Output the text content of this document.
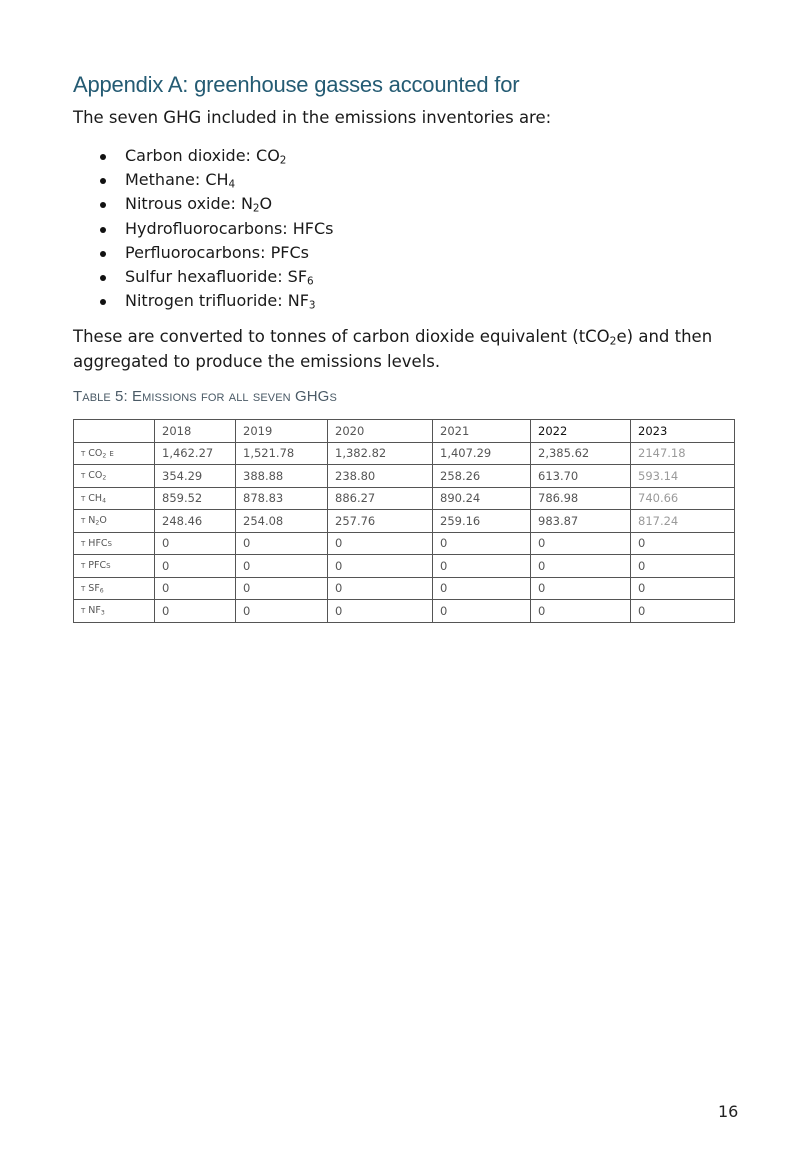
Appendix A: greenhouse gasses accounted for

The seven GHG included in the emissions inventories are:

Carbon dioxide: $CO_2$
Methane: $CH_4$
Nitrous oxide: $N_2O$
Hydrofluorocarbons: HFCs
Perfluorocarbons: PFCs
Sulfur hexafluoride: $SF_6$
Nitrogen trifluoride: $NF_3$

These are converted to tonnes of carbon dioxide equivalent (tCO$_2$e) and then aggregated to produce the emissions levels.

Table 5: Emissions for all seven GHGs

	2018	2019	2020	2021	2022	2023
t $CO_2$ e	1,462.27	1,521.78	1,382.82	1,407.29	2,385.62	2147.18
t $CO_2$	354.29	388.88	238.80	258.26	613.70	593.14
t $CH_4$	859.52	878.83	886.27	890.24	786.98	740.66
t $N_2O$	248.46	254.08	257.76	259.16	983.87	817.24
t HFCs	0	0	0	0	0	0
t PFCs	0	0	0	0	0	0
t $SF_6$	0	0	0	0	0	0
t $NF_3$	0	0	0	0	0	0

16
